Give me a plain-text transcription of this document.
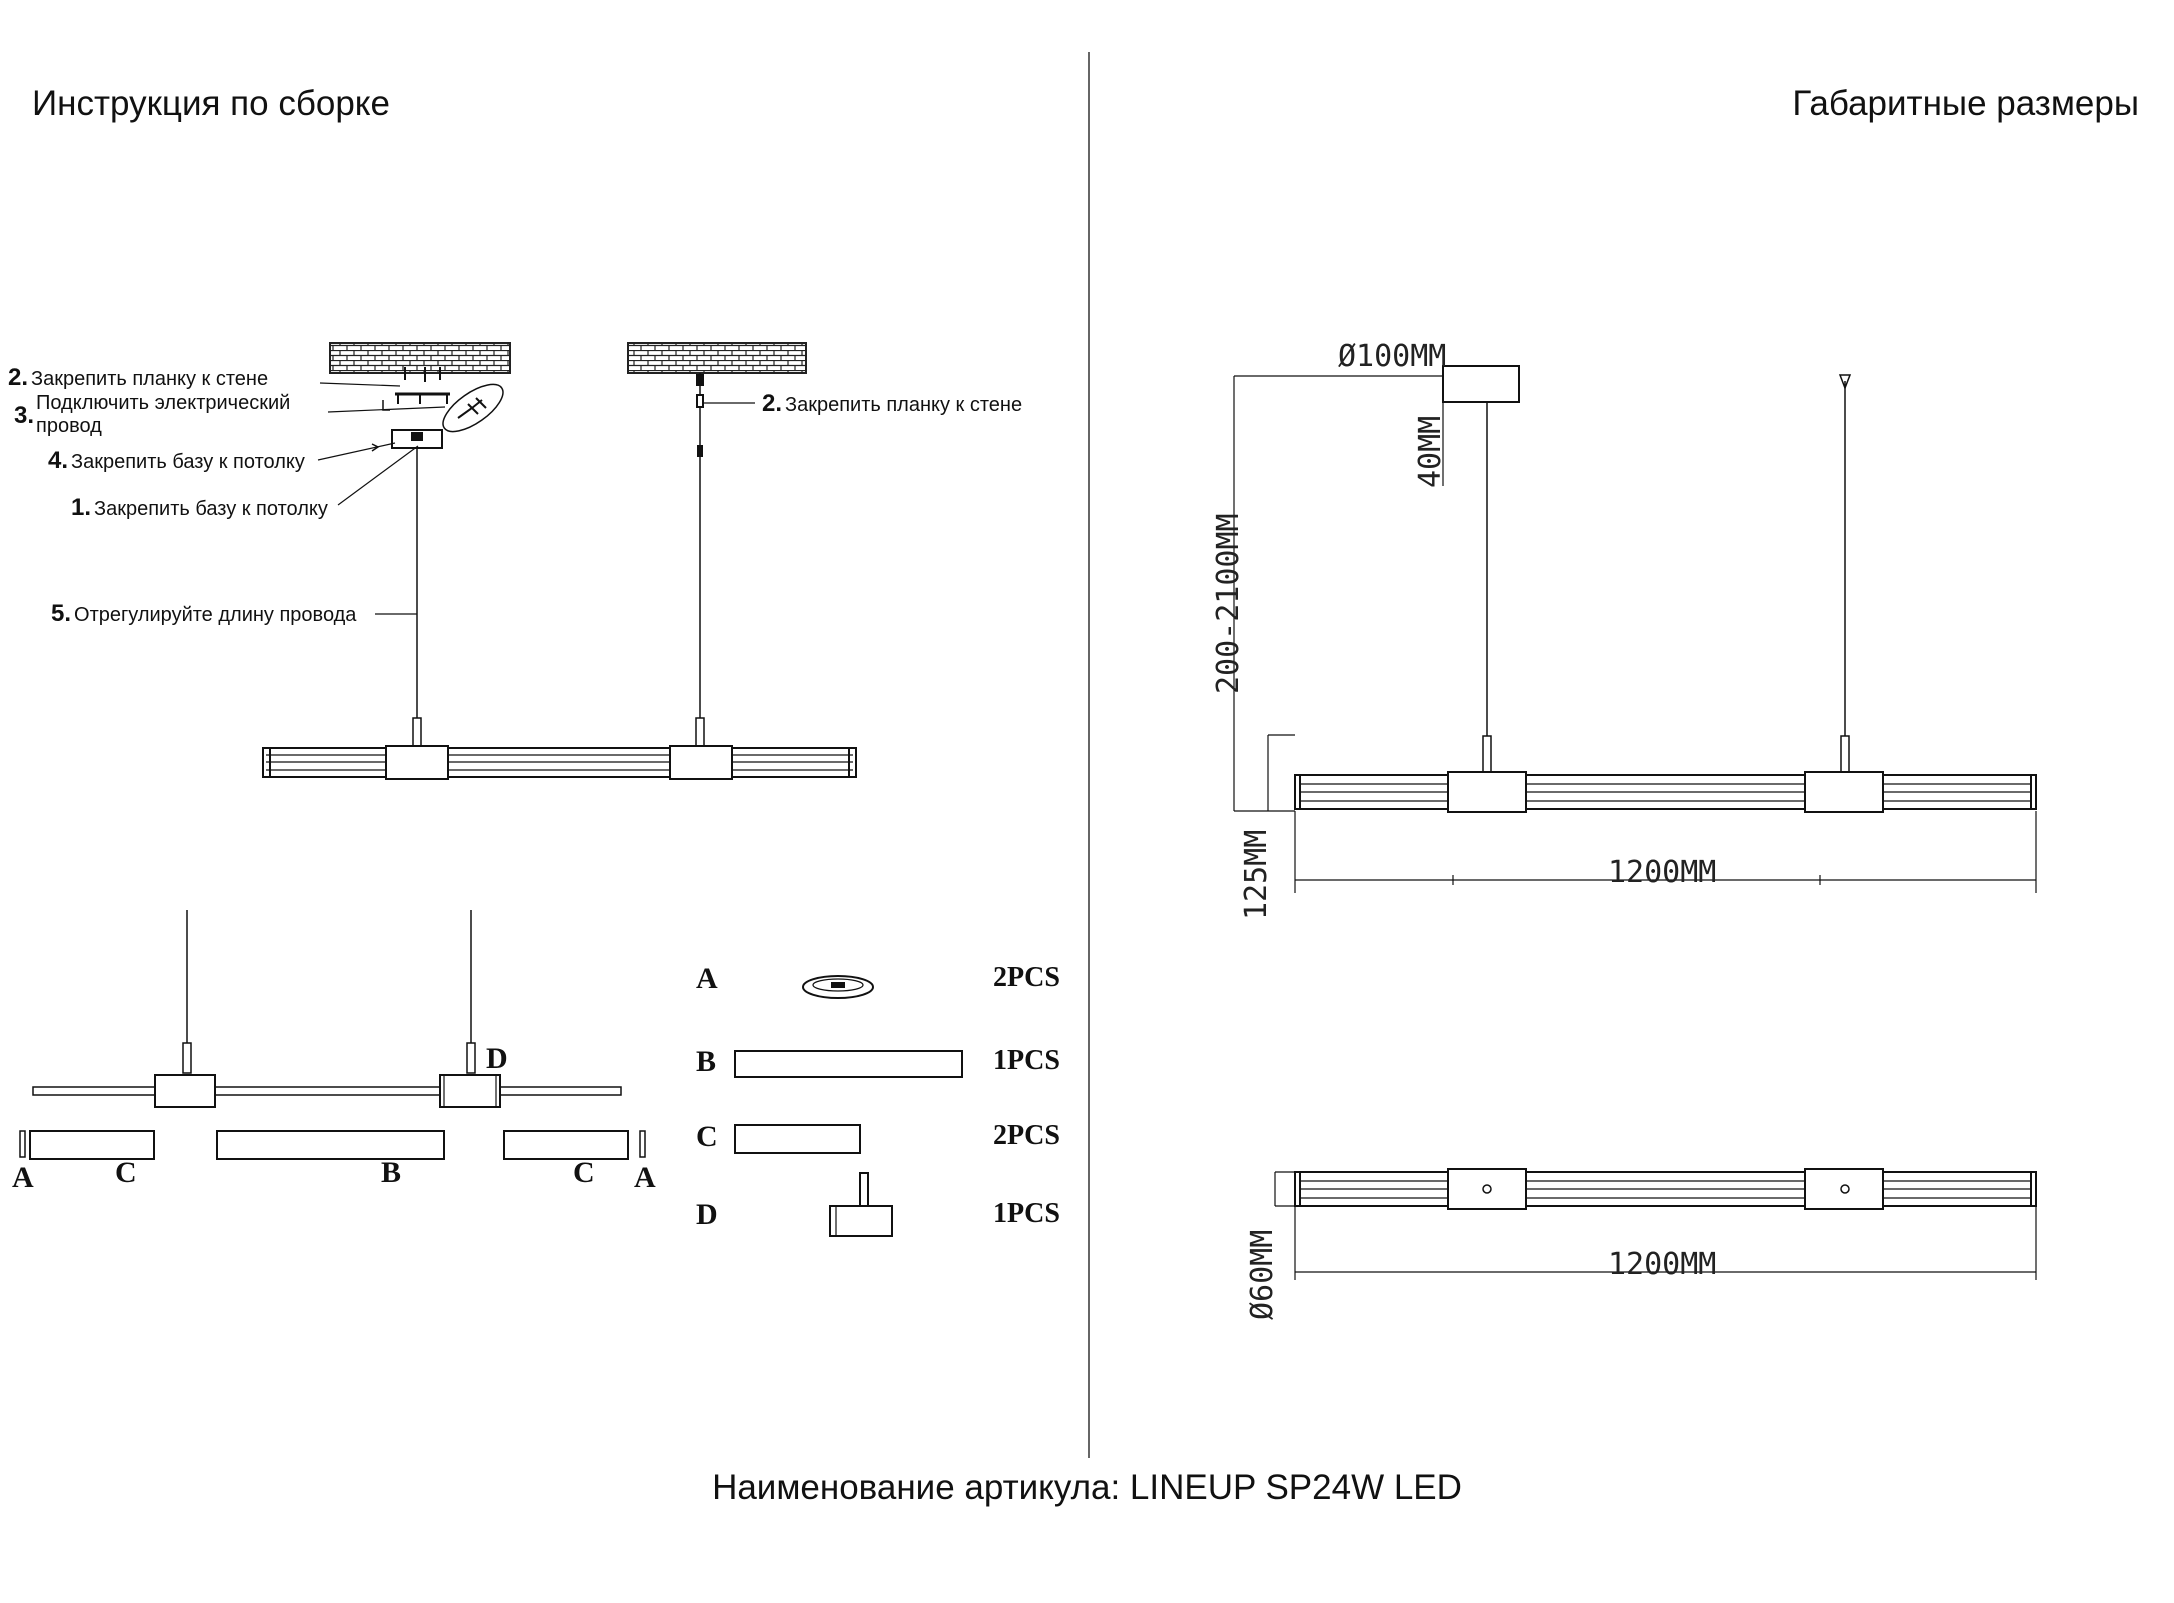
Инструкция по сборке	Габаритные размеры
Наименование артикула: LINEUP SP24W LED
Ø100MM
40MM
200-2100MM
125MM	1200MM
1200MM
Ø60MM
2. Закрепить планку к стене
3. Подключить электрический
провод
4. Закрепить базу к потолку
1. Закрепить базу к потолку
5. Отрегулируйте длину провода
2. Закрепить планку к стене
A	C	B	C A
D
A	2PCS
B	1PCS
C	2PCS
D	1PCS
